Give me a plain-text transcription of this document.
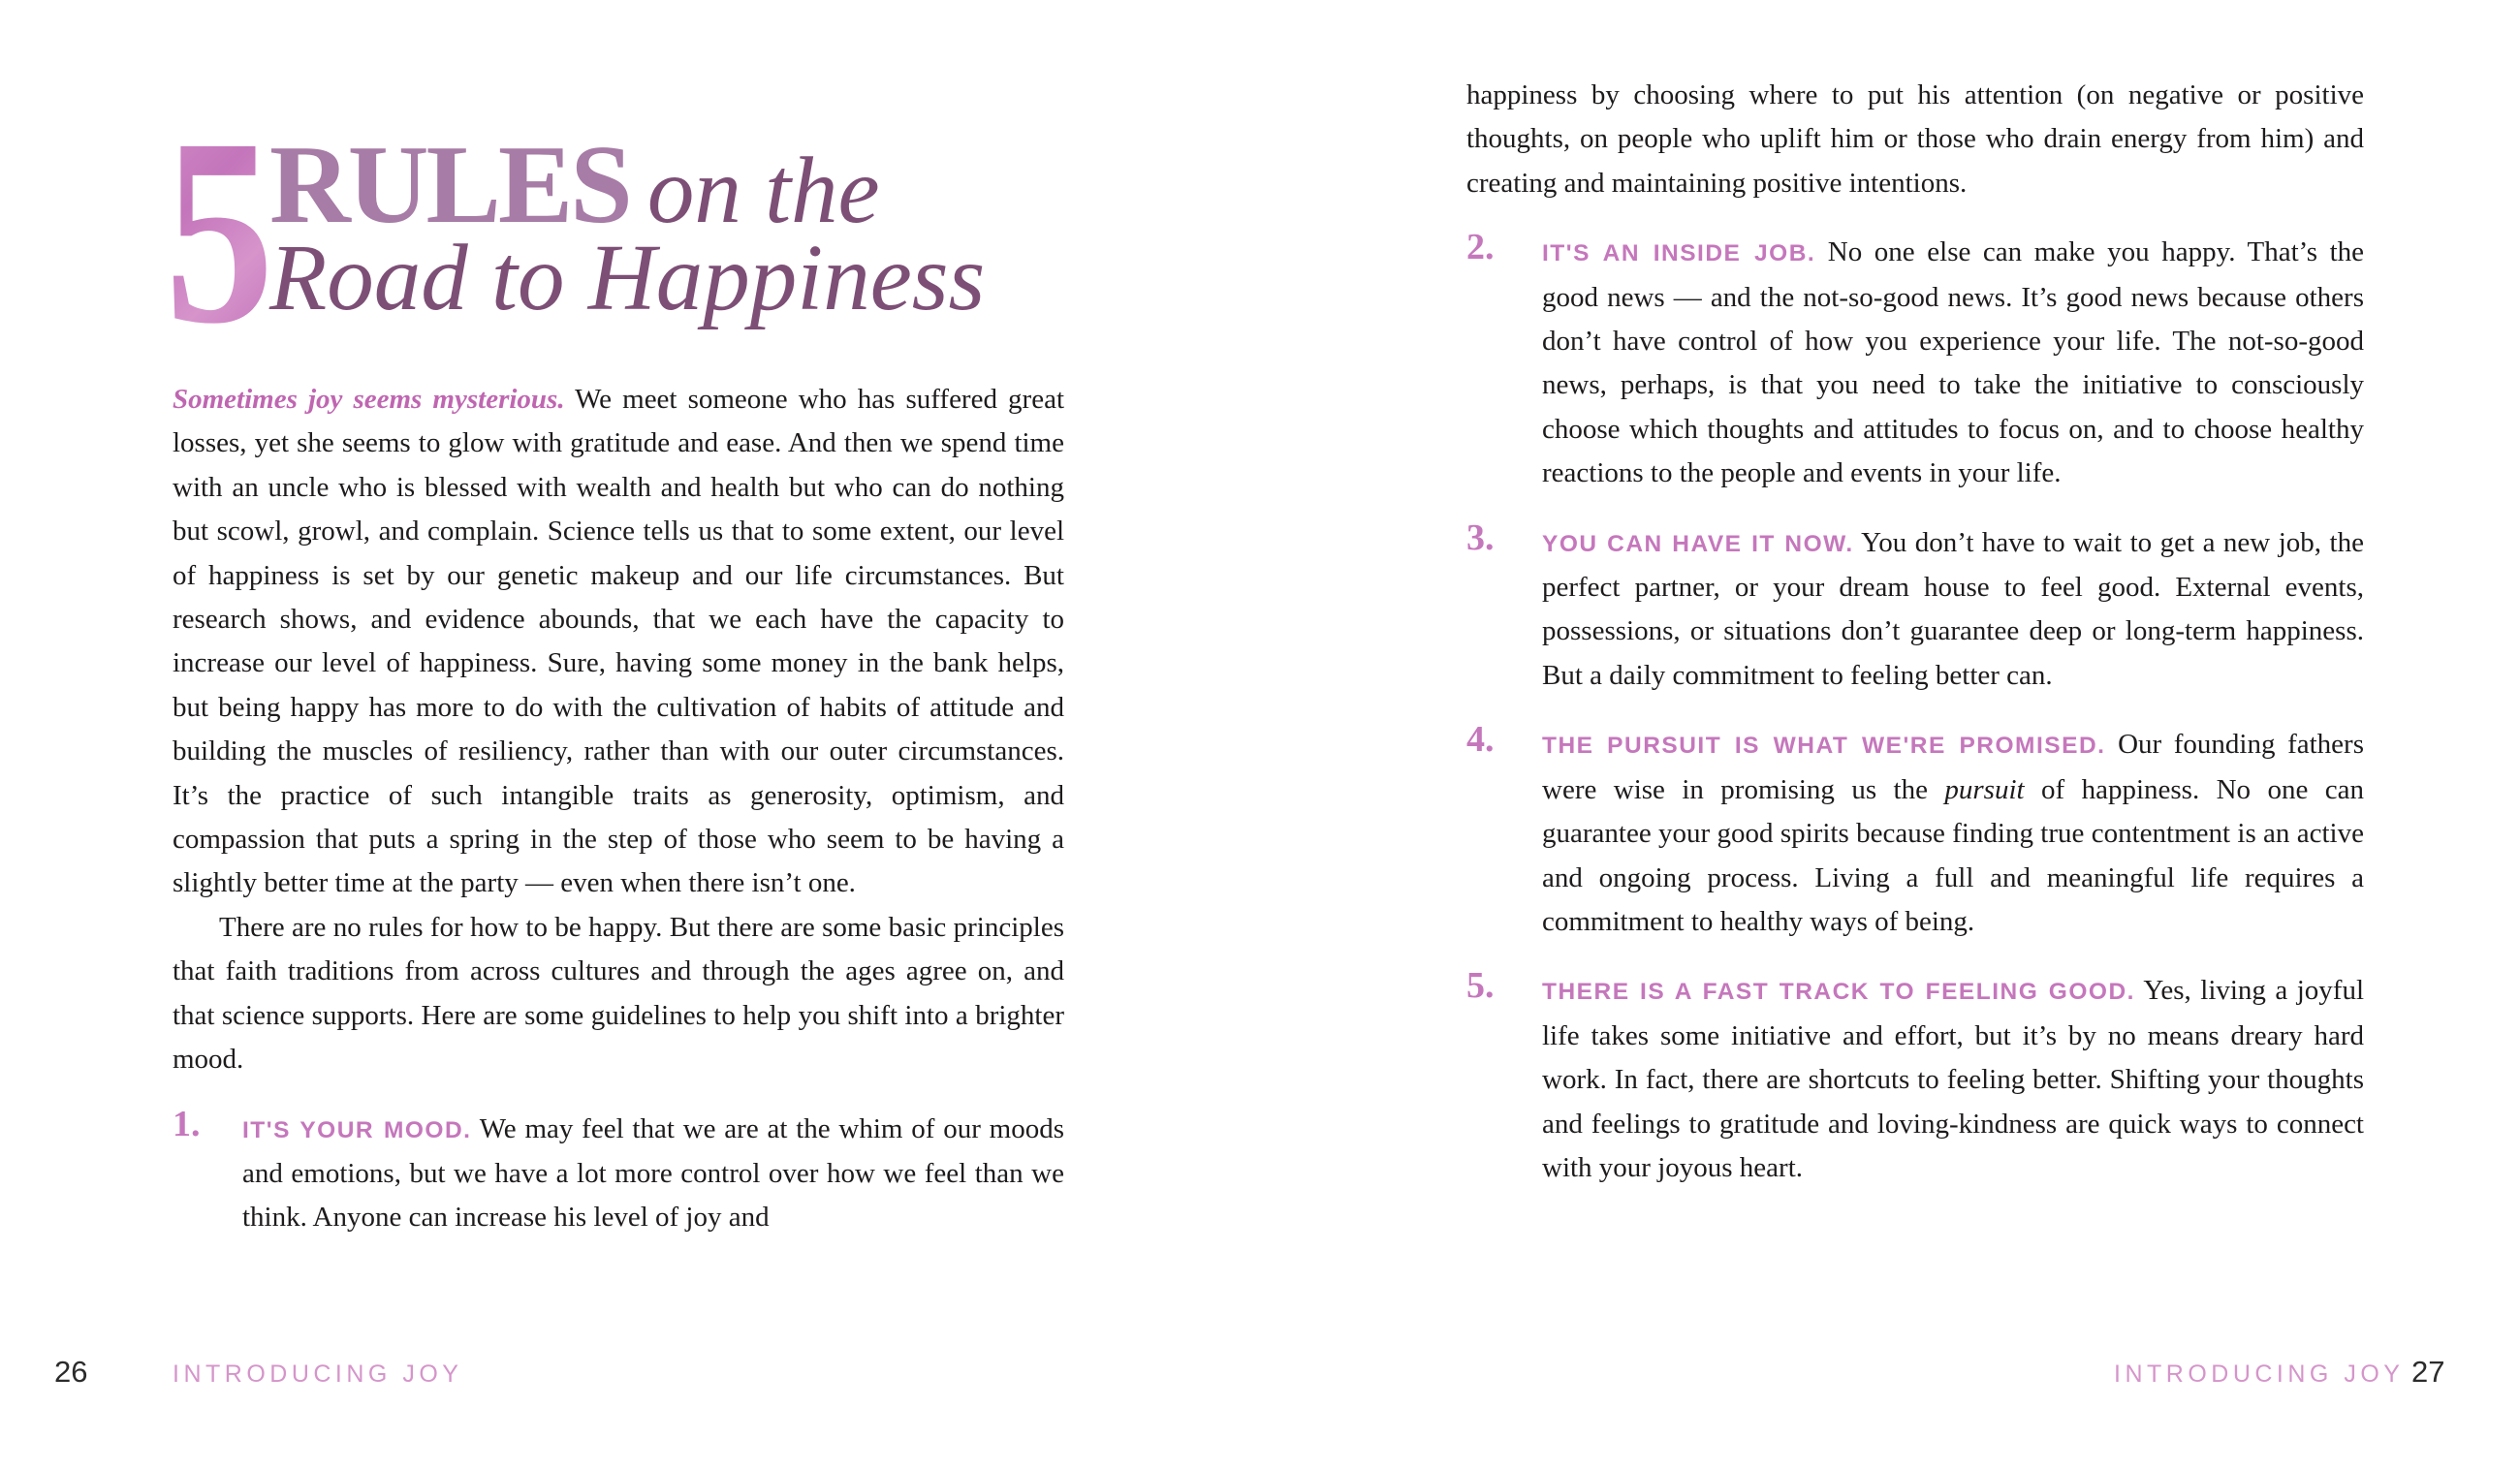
5
RULES on the
Road to Happiness

Sometimes joy seems mysterious. We meet someone who has suffered great losses, yet she seems to glow with gratitude and ease. And then we spend time with an uncle who is blessed with wealth and health but who can do nothing but scowl, growl, and complain. Science tells us that to some extent, our level of happiness is set by our genetic makeup and our life circumstances. But research shows, and evidence abounds, that we each have the capacity to increase our level of happiness. Sure, having some money in the bank helps, but being happy has more to do with the cultivation of habits of attitude and building the muscles of resiliency, rather than with our outer circumstances. It’s the practice of such intangible traits as generosity, optimism, and compassion that puts a spring in the step of those who seem to be having a slightly better time at the party — even when there isn’t one.

There are no rules for how to be happy. But there are some basic principles that faith traditions from across cultures and through the ages agree on, and that science supports. Here are some guidelines to help you shift into a brighter mood.

1. IT'S YOUR MOOD. We may feel that we are at the whim of our moods and emotions, but we have a lot more control over how we feel than we think. Anyone can increase his level of joy and
26	INTRODUCING JOY

happiness by choosing where to put his attention (on negative or positive thoughts, on people who uplift him or those who drain energy from him) and creating and maintaining positive intentions.

2. IT'S AN INSIDE JOB. No one else can make you happy. That’s the good news — and the not-so-good news. It’s good news because others don’t have control of how you experience your life. The not-so-good news, perhaps, is that you need to take the initiative to consciously choose which thoughts and attitudes to focus on, and to choose healthy reactions to the people and events in your life.
3. YOU CAN HAVE IT NOW. You don’t have to wait to get a new job, the perfect partner, or your dream house to feel good. External events, possessions, or situations don’t guarantee deep or long-term happiness. But a daily commitment to feeling better can.
4. THE PURSUIT IS WHAT WE'RE PROMISED. Our founding fathers were wise in promising us the pursuit of happiness. No one can guarantee your good spirits because finding true contentment is an active and ongoing process. Living a full and meaningful life requires a commitment to healthy ways of being.
5. THERE IS A FAST TRACK TO FEELING GOOD. Yes, living a joyful life takes some initiative and effort, but it’s by no means dreary hard work. In fact, there are shortcuts to feeling better. Shifting your thoughts and feelings to gratitude and loving-kindness are quick ways to connect with your joyous heart.
INTRODUCING JOY 27
